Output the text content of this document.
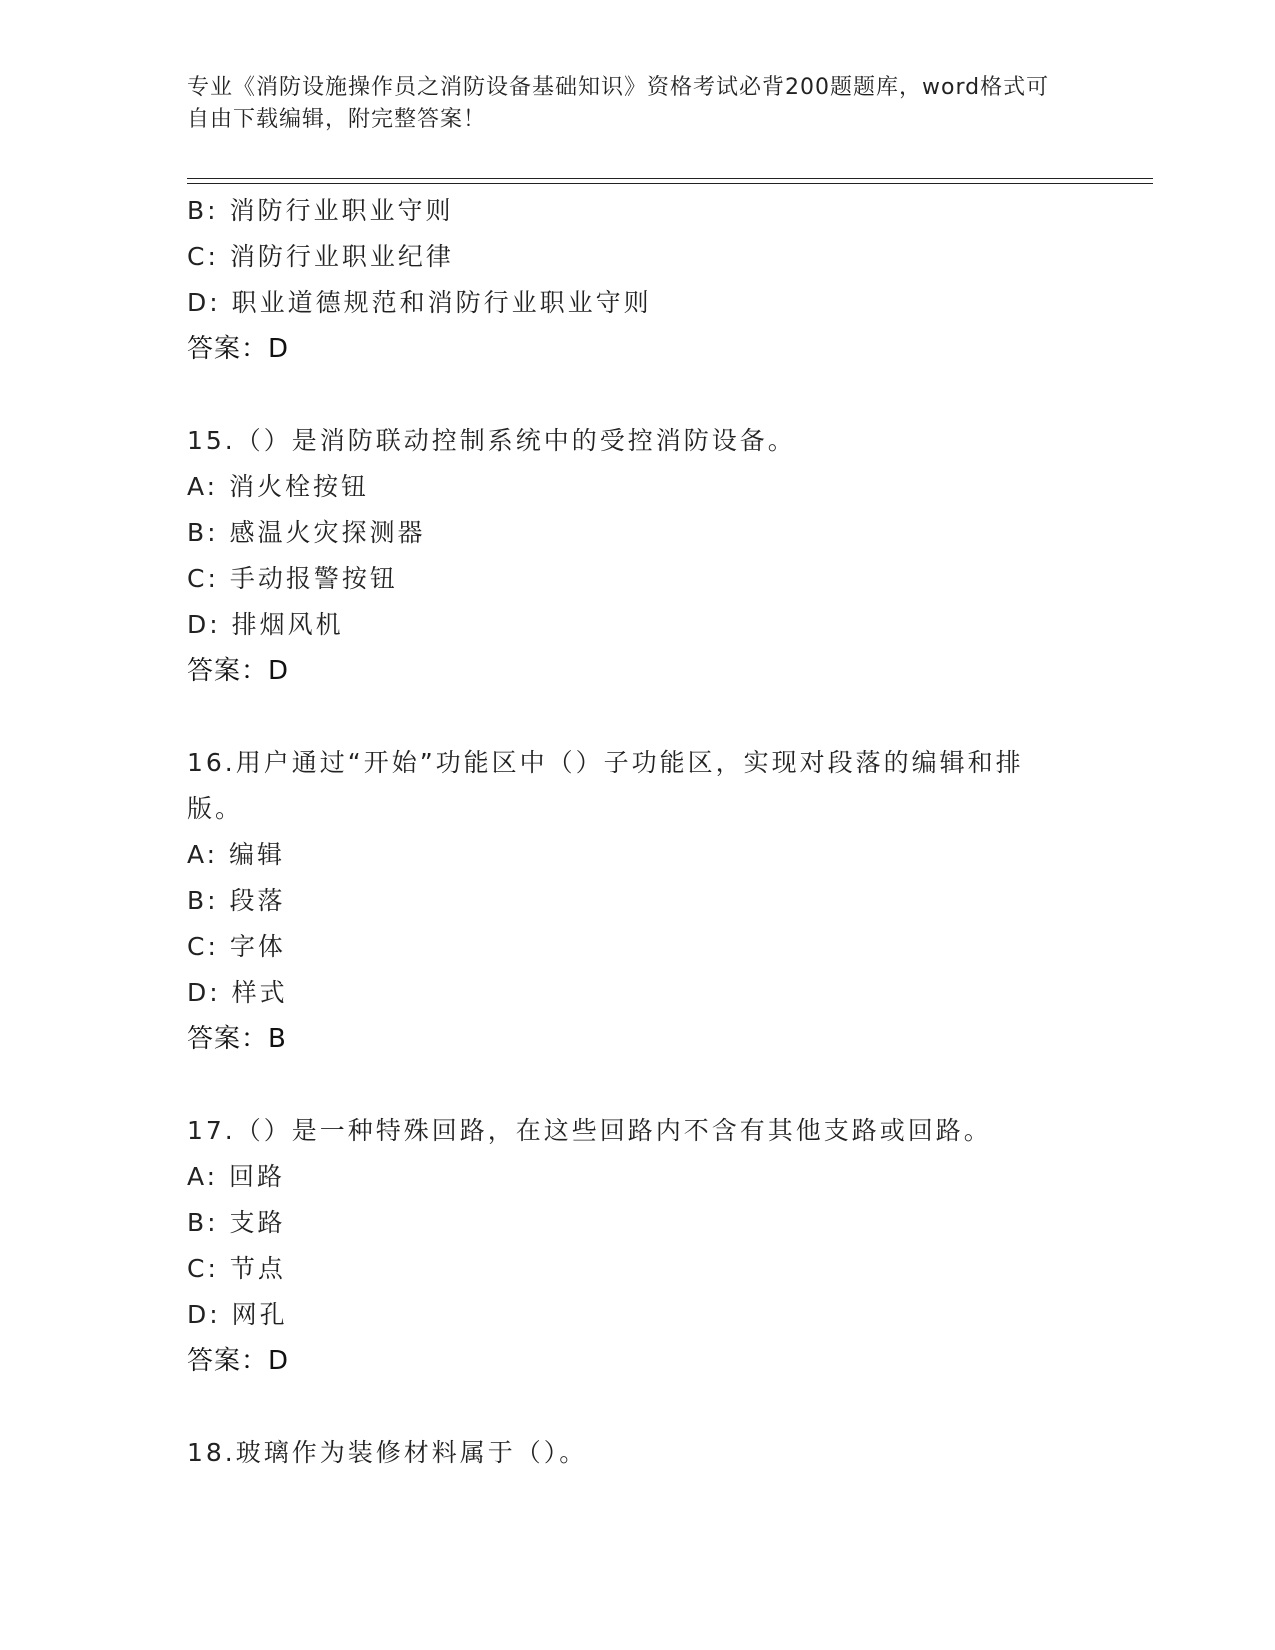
专业《消防设施操作员之消防设备基础知识》资格考试必背200题题库，word格式可自由下载编辑，附完整答案！
B: 消防行业职业守则
C: 消防行业职业纪律
D: 职业道德规范和消防行业职业守则
答案：D
15.（）是消防联动控制系统中的受控消防设备。
A: 消火栓按钮
B: 感温火灾探测器
C: 手动报警按钮
D: 排烟风机
答案：D
16.用户通过“开始”功能区中（）子功能区，实现对段落的编辑和排
版。
A: 编辑
B: 段落
C: 字体
D: 样式
答案：B
17.（）是一种特殊回路，在这些回路内不含有其他支路或回路。
A: 回路
B: 支路
C: 节点
D: 网孔
答案：D
18.玻璃作为装修材料属于（）。
